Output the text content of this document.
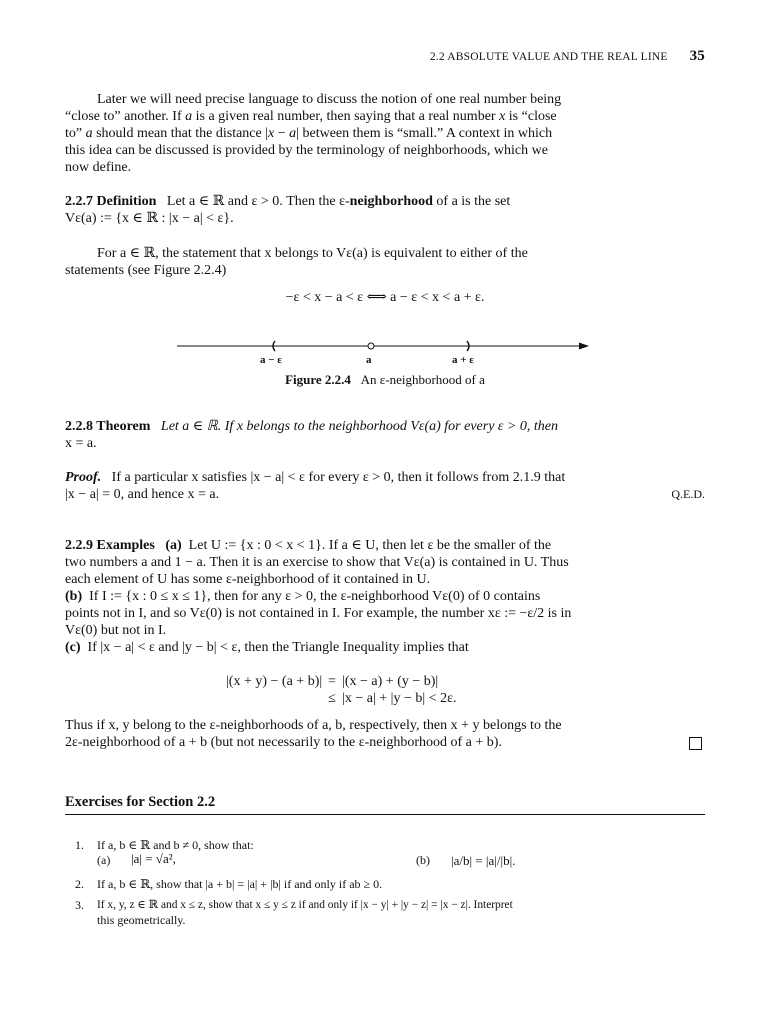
2.2 ABSOLUTE VALUE AND THE REAL LINE 35
Later we will need precise language to discuss the notion of one real number being
“close to” another. If a is a given real number, then saying that a real number x is “close
to” a should mean that the distance |x − a| between them is “small.” A context in which
this idea can be discussed is provided by the terminology of neighborhoods, which we
now define.
2.2.7 Definition Let a ∈ ℝ and ε > 0. Then the ε-neighborhood of a is the set
Vε(a) := {x ∈ ℝ : |x − a| < ε}.
For a ∈ ℝ, the statement that x belongs to Vε(a) is equivalent to either of the
statements (see Figure 2.2.4)
−ε < x − a < ε ⟺ a − ε < x < a + ε.
a − ε	a	a + ε
Figure 2.2.4 An ε-neighborhood of a
2.2.8 Theorem Let a ∈ ℝ. If x belongs to the neighborhood Vε(a) for every ε > 0, then
x = a.
Proof. If a particular x satisfies |x − a| < ε for every ε > 0, then it follows from 2.1.9 that
|x − a| = 0, and hence x = a.	Q.E.D.
2.2.9 Examples (a) Let U := {x : 0 < x < 1}. If a ∈ U, then let ε be the smaller of the
two numbers a and 1 − a. Then it is an exercise to show that Vε(a) is contained in U. Thus
each element of U has some ε-neighborhood of it contained in U.
(b) If I := {x : 0 ≤ x ≤ 1}, then for any ε > 0, the ε-neighborhood Vε(0) of 0 contains
points not in I, and so Vε(0) is not contained in I. For example, the number xε := −ε/2 is in
Vε(0) but not in I.
(c) If |x − a| < ε and |y − b| < ε, then the Triangle Inequality implies that
|(x + y) − (a + b)|	=	|(x − a) + (y − b)|
	≤	|x − a| + |y − b| < 2ε.
Thus if x, y belong to the ε-neighborhoods of a, b, respectively, then x + y belongs to the
2ε-neighborhood of a + b (but not necessarily to the ε-neighborhood of a + b).
Exercises for Section 2.2
1. If a, b ∈ ℝ and b ≠ 0, show that:
(a) |a| = √a²,	(b) |a/b| = |a|/|b|.
2. If a, b ∈ ℝ, show that |a + b| = |a| + |b| if and only if ab ≥ 0.
3. If x, y, z ∈ ℝ and x ≤ z, show that x ≤ y ≤ z if and only if |x − y| + |y − z| = |x − z|. Interpret
this geometrically.
